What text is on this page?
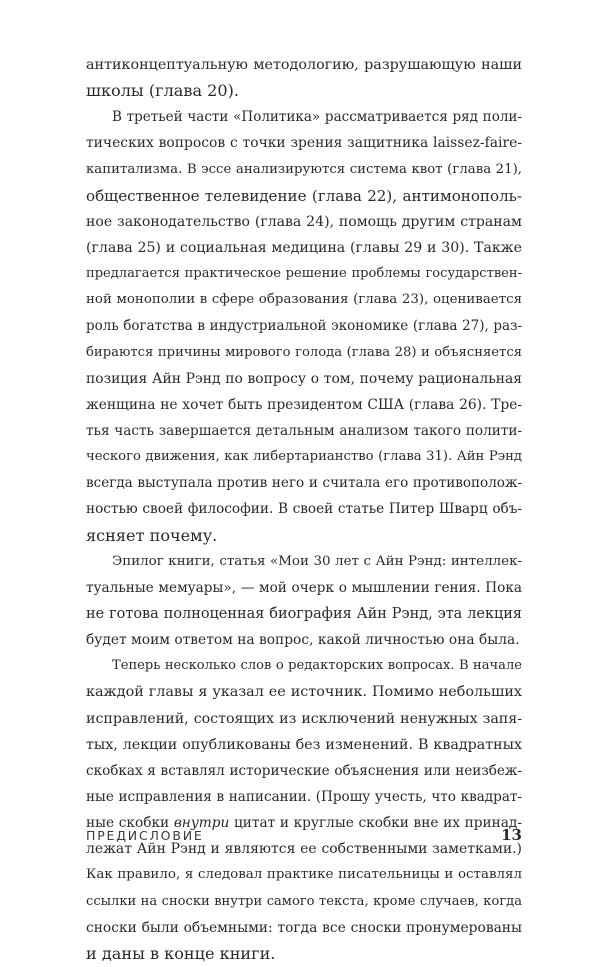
антиконцептуальную методологию, разрушающую наши
школы (глава 20).
В третьей части «Политика» рассматривается ряд поли-
тических вопросов с точки зрения защитника laissez-faire-
капитализма. В эссе анализируются система квот (глава 21),
общественное телевидение (глава 22), антимонополь-
ное законодательство (глава 24), помощь другим странам
(глава 25) и социальная медицина (главы 29 и 30). Также
предлагается практическое решение проблемы государствен-
ной монополии в сфере образования (глава 23), оценивается
роль богатства в индустриальной экономике (глава 27), раз-
бираются причины мирового голода (глава 28) и объясняется
позиция Айн Рэнд по вопросу о том, почему рациональная
женщина не хочет быть президентом США (глава 26). Тре-
тья часть завершается детальным анализом такого полити-
ческого движения, как либертарианство (глава 31). Айн Рэнд
всегда выступала против него и считала его противополож-
ностью своей философии. В своей статье Питер Шварц объ-
ясняет почему.
Эпилог книги, статья «Мои 30 лет с Айн Рэнд: интеллек-
туальные мемуары», — мой очерк о мышлении гения. Пока
не готова полноценная биография Айн Рэнд, эта лекция
будет моим ответом на вопрос, какой личностью она была.
Теперь несколько слов о редакторских вопросах. В начале
каждой главы я указал ее источник. Помимо небольших
исправлений, состоящих из исключений ненужных запя-
тых, лекции опубликованы без изменений. В квадратных
скобках я вставлял исторические объяснения или неизбеж-
ные исправления в написании. (Прошу учесть, что квадрат-
ные скобки внутри цитат и круглые скобки вне их принад-
лежат Айн Рэнд и являются ее собственными заметками.)
Как правило, я следовал практике писательницы и оставлял
ссылки на сноски внутри самого текста, кроме случаев, когда
сноски были объемными: тогда все сноски пронумерованы
и даны в конце книги.
ПРЕДИСЛОВИЕ	13
